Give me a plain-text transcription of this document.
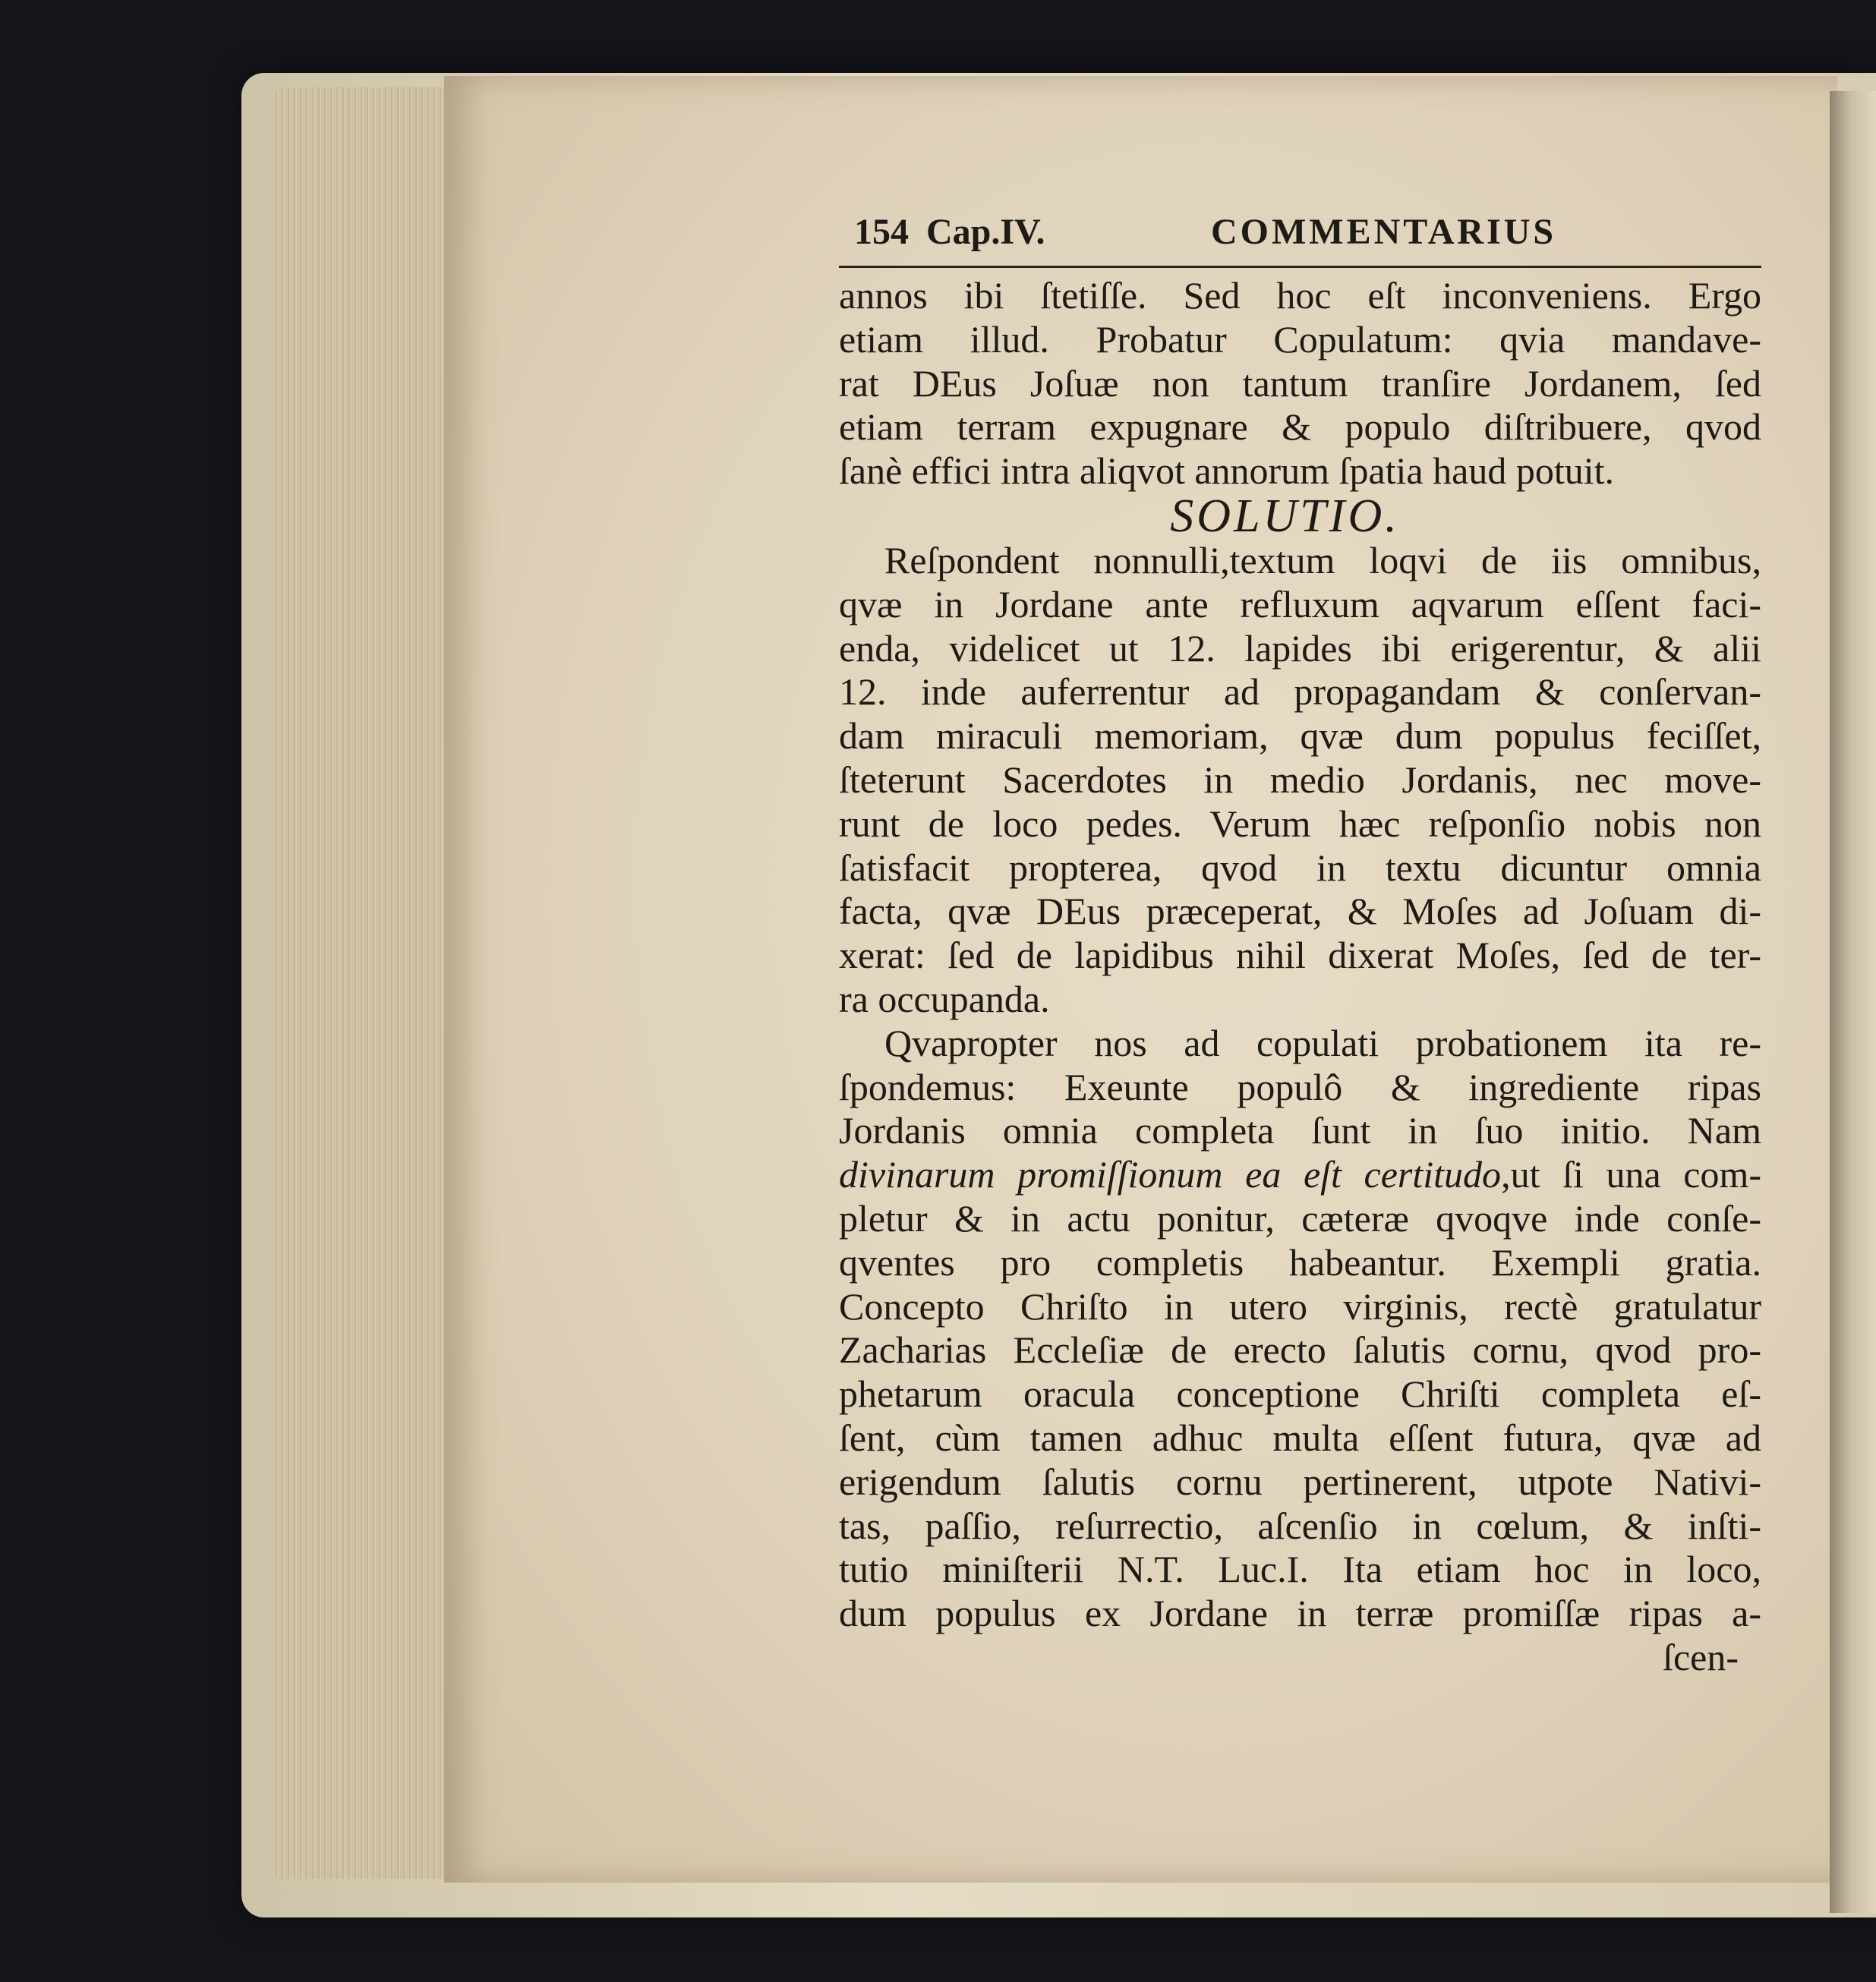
154 Cap.IV.	COMMENTARIUS
annos ibi ſtetiſſe. Sed hoc eſt inconveniens. Ergo
etiam illud. Probatur Copulatum: qvia mandave-
rat DEus Joſuæ non tantum tranſire Jordanem, ſed
etiam terram expugnare & populo diſtribuere, qvod
ſanè effici intra aliqvot annorum ſpatia haud potuit.
SOLUTIO.
Reſpondent nonnulli,textum loqvi de iis omnibus,
qvæ in Jordane ante refluxum aqvarum eſſent faci-
enda, videlicet ut 12. lapides ibi erigerentur, & alii
12. inde auferrentur ad propagandam & conſervan-
dam miraculi memoriam, qvæ dum populus feciſſet,
ſteterunt Sacerdotes in medio Jordanis, nec move-
runt de loco pedes. Verum hæc reſponſio nobis non
ſatisfacit propterea, qvod in textu dicuntur omnia
facta, qvæ DEus præceperat, & Moſes ad Joſuam di-
xerat: ſed de lapidibus nihil dixerat Moſes, ſed de ter-
ra occupanda.
Qvapropter nos ad copulati probationem ita re-
ſpondemus: Exeunte populô & ingrediente ripas
Jordanis omnia completa ſunt in ſuo initio. Nam
divinarum promiſſionum ea eſt certitudo,ut ſi una com-
pletur & in actu ponitur, cæteræ qvoqve inde conſe-
qventes pro completis habeantur. Exempli gratia.
Concepto Chriſto in utero virginis, rectè gratulatur
Zacharias Eccleſiæ de erecto ſalutis cornu, qvod pro-
phetarum oracula conceptione Chriſti completa eſ-
ſent, cùm tamen adhuc multa eſſent futura, qvæ ad
erigendum ſalutis cornu pertinerent, utpote Nativi-
tas, paſſio, reſurrectio, aſcenſio in cœlum, & inſti-
tutio miniſterii N.T. Luc.I. Ita etiam hoc in loco,
dum populus ex Jordane in terræ promiſſæ ripas a-
ſcen-
